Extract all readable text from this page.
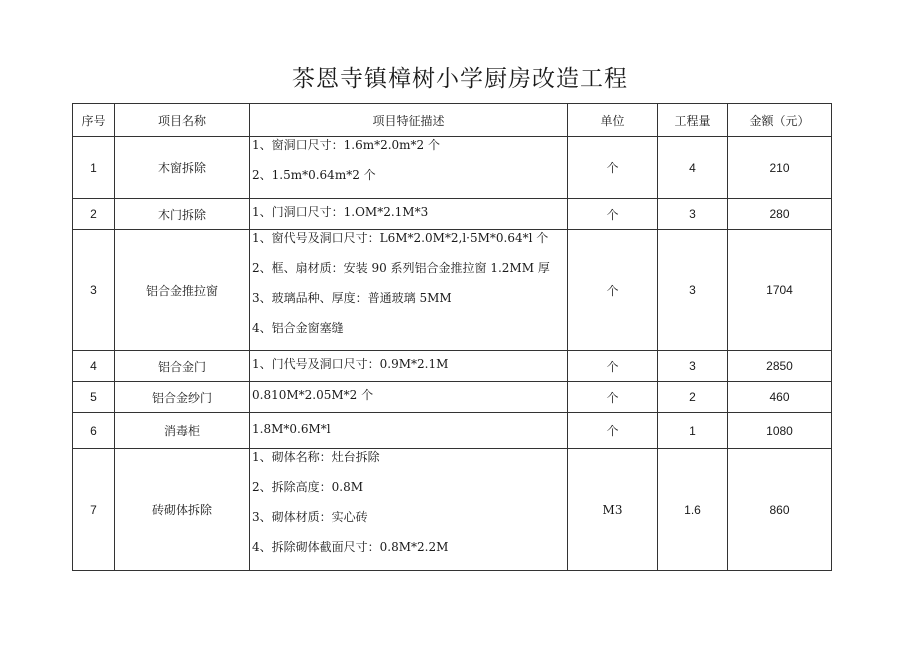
茶恩寺镇樟树小学厨房改造工程
序号	项目名称	项目特征描述	单位	工程量	金额（元）
1	木窗拆除	1、窗洞口尺寸：1.6m*2.0m*2 个
2、1.5m*0.64m*2 个	个	4	210
2	木门拆除	1、门洞口尺寸：1.OM*2.1M*3	个	3	280
3	铝合金推拉窗	1、窗代号及洞口尺寸：L6M*2.0M*2,l·5M*0.64*l 个
2、框、扇材质：安装 90 系列铝合金推拉窗 1.2MM 厚
3、玻璃品种、厚度：普通玻璃 5MM
4、铝合金窗塞缝	个	3	1704
4	铝合金门	1、门代号及洞口尺寸：0.9M*2.1M	个	3	2850
5	铝合金纱门	0.810M*2.05M*2 个	个	2	460
6	消毒柜	1.8M*0.6M*l	个	1	1080
7	砖砌体拆除	1、砌体名称：灶台拆除
2、拆除高度：0.8M
3、砌体材质：实心砖
4、拆除砌体截面尺寸：0.8M*2.2M	M3	1.6	860
